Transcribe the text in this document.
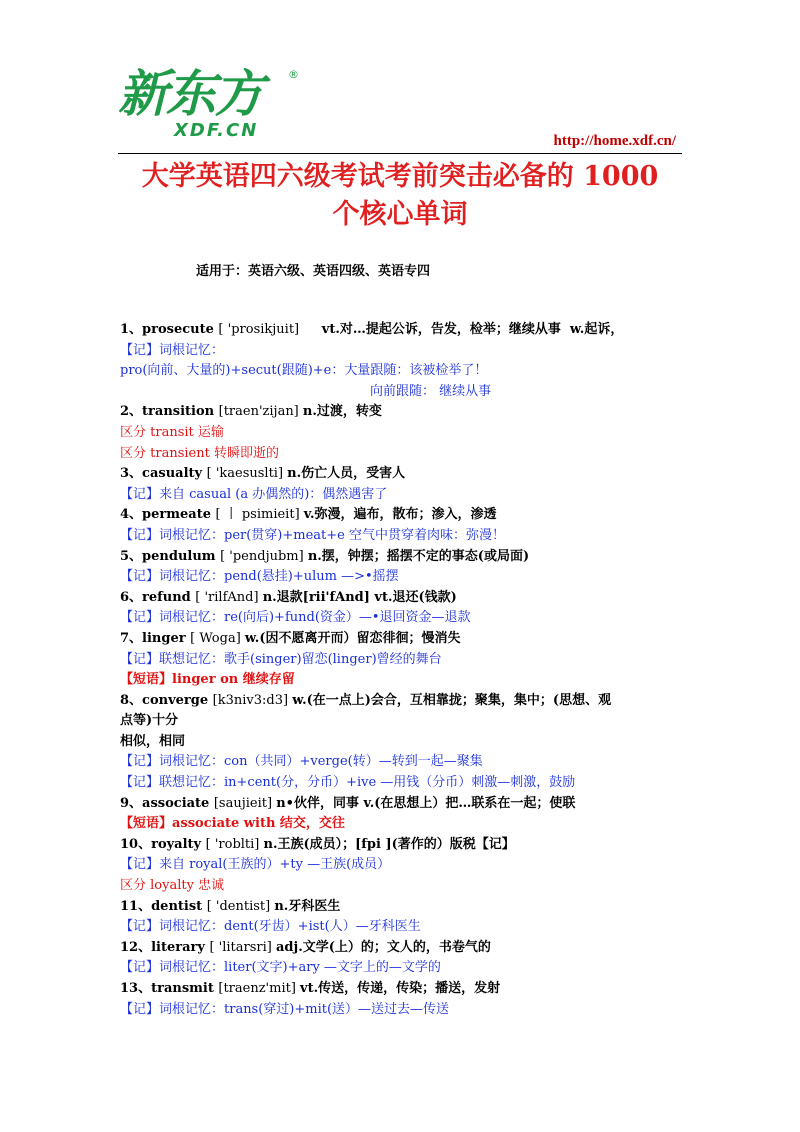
新东方
XDF.CN
®
http://home.xdf.cn/
大学英语四六级考试考前突击必备的 1000
个核心单词
适用于：英语六级、英语四级、英语专四
1、prosecute [ 'prosikjuit]     vt.对…提起公诉，告发，检举；继续从事  w.起诉，
【记】词根记忆：
pro(向前、大量的)+secut(跟随)+e：大量跟随：该被检举了！
向前跟随： 继续从事
2、transition [traen'zijan] n.过渡，转变
区分 transit 运输
区分 transient 转瞬即逝的
3、casualty [ 'kaesuslti] n.伤亡人员，受害人
【记】来自 casual (a 办偶然的)：偶然遇害了
4、permeate [ 丨 psimieit] v.弥漫，遍布，散布；渗入，渗透
【记】词根记忆：per(贯穿)+meat+e 空气中贯穿着肉味：弥漫！
5、pendulum [ 'pendjubm] n.摆，钟摆；摇摆不定的事态(或局面)
【记】词根记忆：pend(悬挂)+ulum —>•摇摆
6、refund [ 'rilfAnd] n.退款[rii'fAnd] vt.退还(钱款)
【记】词根记忆：re(向后)+fund(资金）—•退回资金—退款
7、linger [ Woga] w.(因不愿离开而）留恋徘徊；慢消失
【记】联想记忆：歌手(singer)留恋(linger)曾经的舞台
【短语】linger on 继续存留
8、converge [k3niv3:d3] w.(在一点上)会合，互相靠拢；聚集，集中；(思想、观
点等)十分
相似，相同
【记】词根记忆：con（共同）+verge(转）—转到一起—聚集
【记】联想记忆：in+cent(分，分币）+ive —用钱（分币）刺激—刺激，鼓励
9、associate [saujieit] n•伙伴，同事 v.(在思想上）把…联系在一起；使联
【短语】associate with 结交，交往
10、royalty [ 'roblti] n.王族(成员）；[fpi ](著作的）版税【记】
【记】来自 royal(王族的）+ty —王族(成员）
区分 loyalty 忠诚
11、dentist [ 'dentist] n.牙科医生
【记】词根记忆：dent(牙齿）+ist(人）—牙科医生
12、literary [ 'litarsri] adj.文学(上）的；文人的，书卷气的
【记】词根记忆：liter(文字)+ary —文字上的—文学的
13、transmit [traenz'mit] vt.传送，传递，传染；播送，发射
【记】词根记忆：trans(穿过)+mit(送）—送过去—传送
